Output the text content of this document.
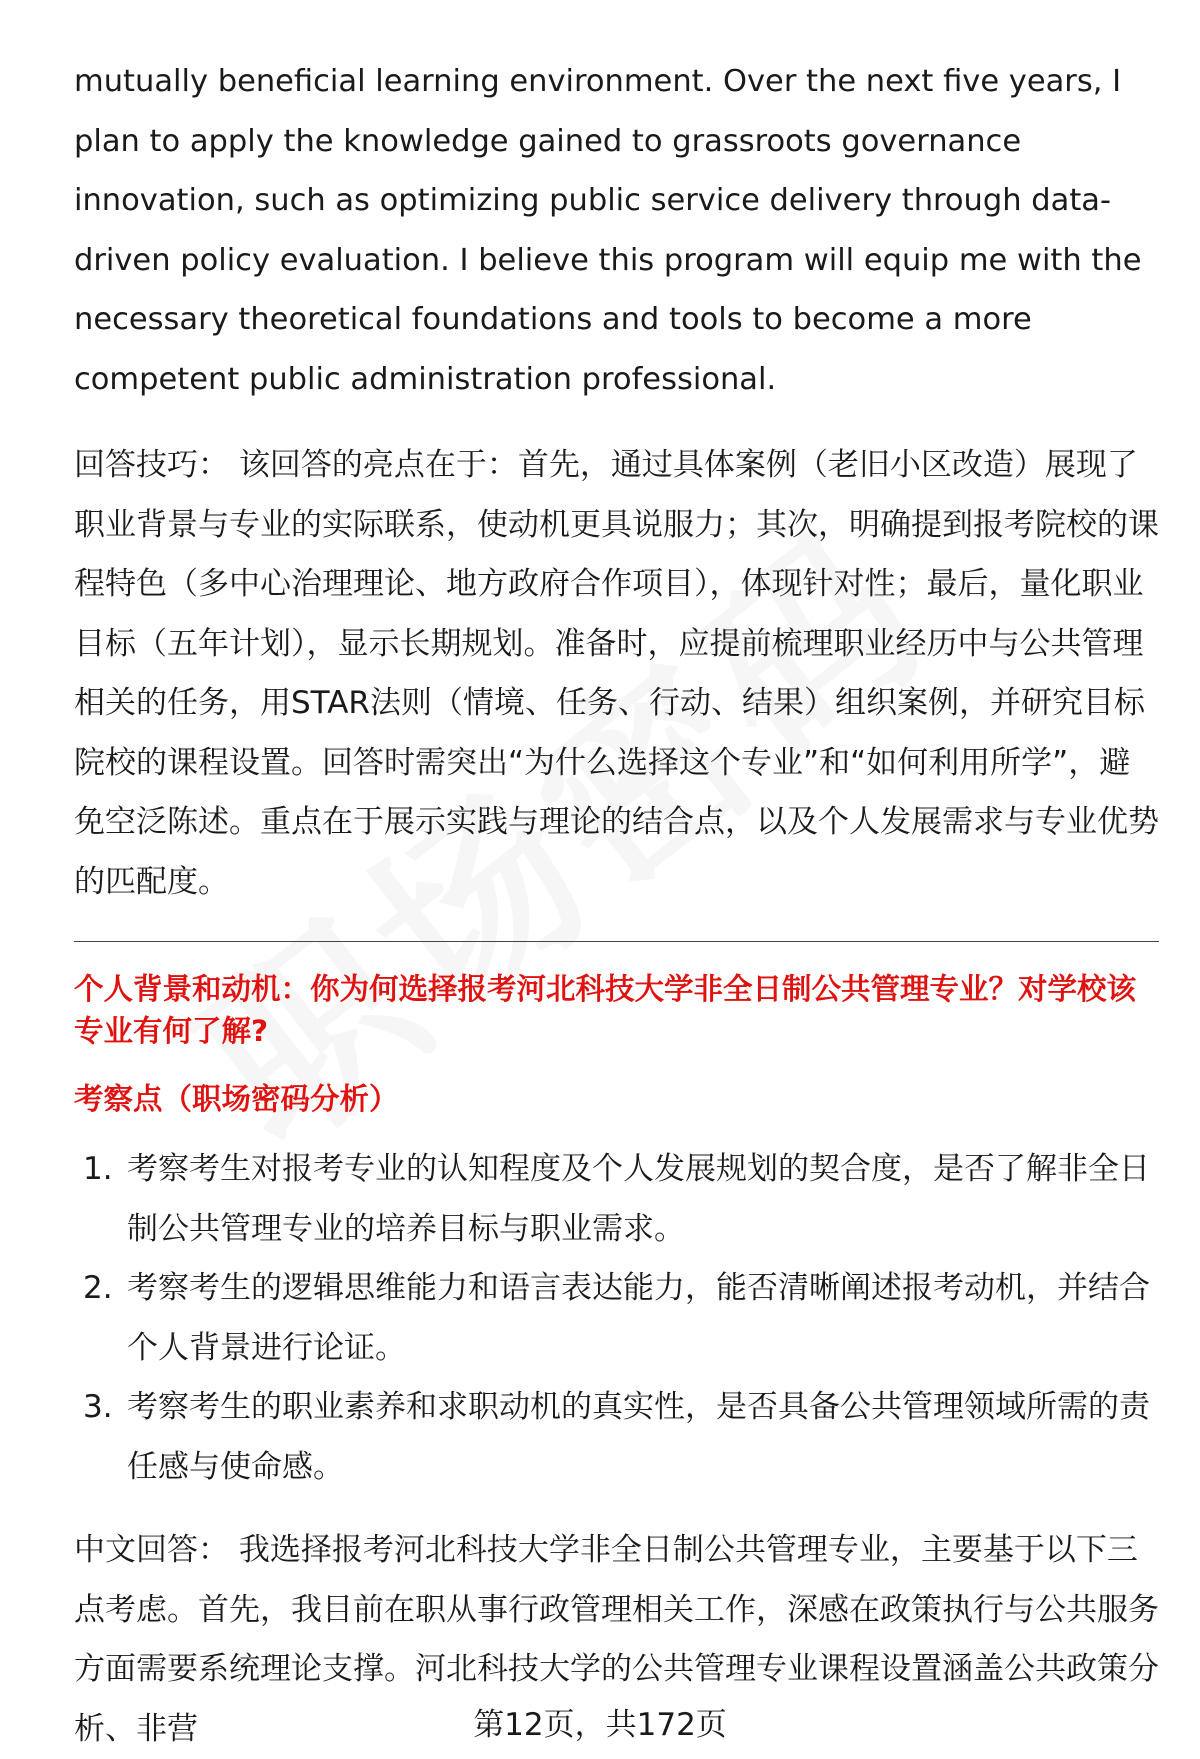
mutually beneficial learning environment. Over the next five years, I plan to apply the knowledge gained to grassroots governance innovation, such as optimizing public service delivery through data-driven policy evaluation. I believe this program will equip me with the necessary theoretical foundations and tools to become a more competent public administration professional.

回答技巧： 该回答的亮点在于：首先，通过具体案例（老旧小区改造）展现了职业背景与专业的实际联系，使动机更具说服力；其次，明确提到报考院校的课程特色（多中心治理理论、地方政府合作项目），体现针对性；最后，量化职业目标（五年计划），显示长期规划。准备时，应提前梳理职业经历中与公共管理相关的任务，用STAR法则（情境、任务、行动、结果）组织案例，并研究目标院校的课程设置。回答时需突出“为什么选择这个专业”和“如何利用所学”，避免空泛陈述。重点在于展示实践与理论的结合点，以及个人发展需求与专业优势的匹配度。

个人背景和动机：你为何选择报考河北科技大学非全日制公共管理专业？对学校该专业有何了解?

考察点（职场密码分析）

1. 考察考生对报考专业的认知程度及个人发展规划的契合度，是否了解非全日制公共管理专业的培养目标与职业需求。
2. 考察考生的逻辑思维能力和语言表达能力，能否清晰阐述报考动机，并结合个人背景进行论证。
3. 考察考生的职业素养和求职动机的真实性，是否具备公共管理领域所需的责任感与使命感。

中文回答： 我选择报考河北科技大学非全日制公共管理专业，主要基于以下三点考虑。首先，我目前在职从事行政管理相关工作，深感在政策执行与公共服务方面需要系统理论支撑。河北科技大学的公共管理专业课程设置涵盖公共政策分析、非营	第12页，共172页
